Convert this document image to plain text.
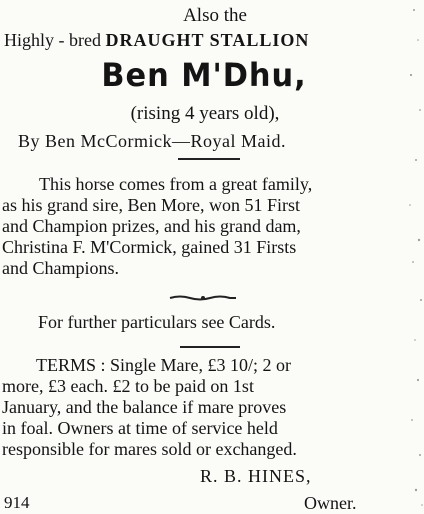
Also the
Highly - bred DRAUGHT STALLION
Ben M'Dhu,
(rising 4 years old),
By Ben McCormick—Royal Maid.
This horse comes from a great family,
as his grand sire, Ben More, won 51 First
and Champion prizes, and his grand dam,
Christina F. M'Cormick, gained 31 Firsts
and Champions.
For further particulars see Cards.
TERMS : Single Mare, £3 10/; 2 or
more, £3 each. £2 to be paid on 1st
January, and the balance if mare proves
in foal. Owners at time of service held
responsible for mares sold or exchanged.
R. B. HINES,
914	Owner.
